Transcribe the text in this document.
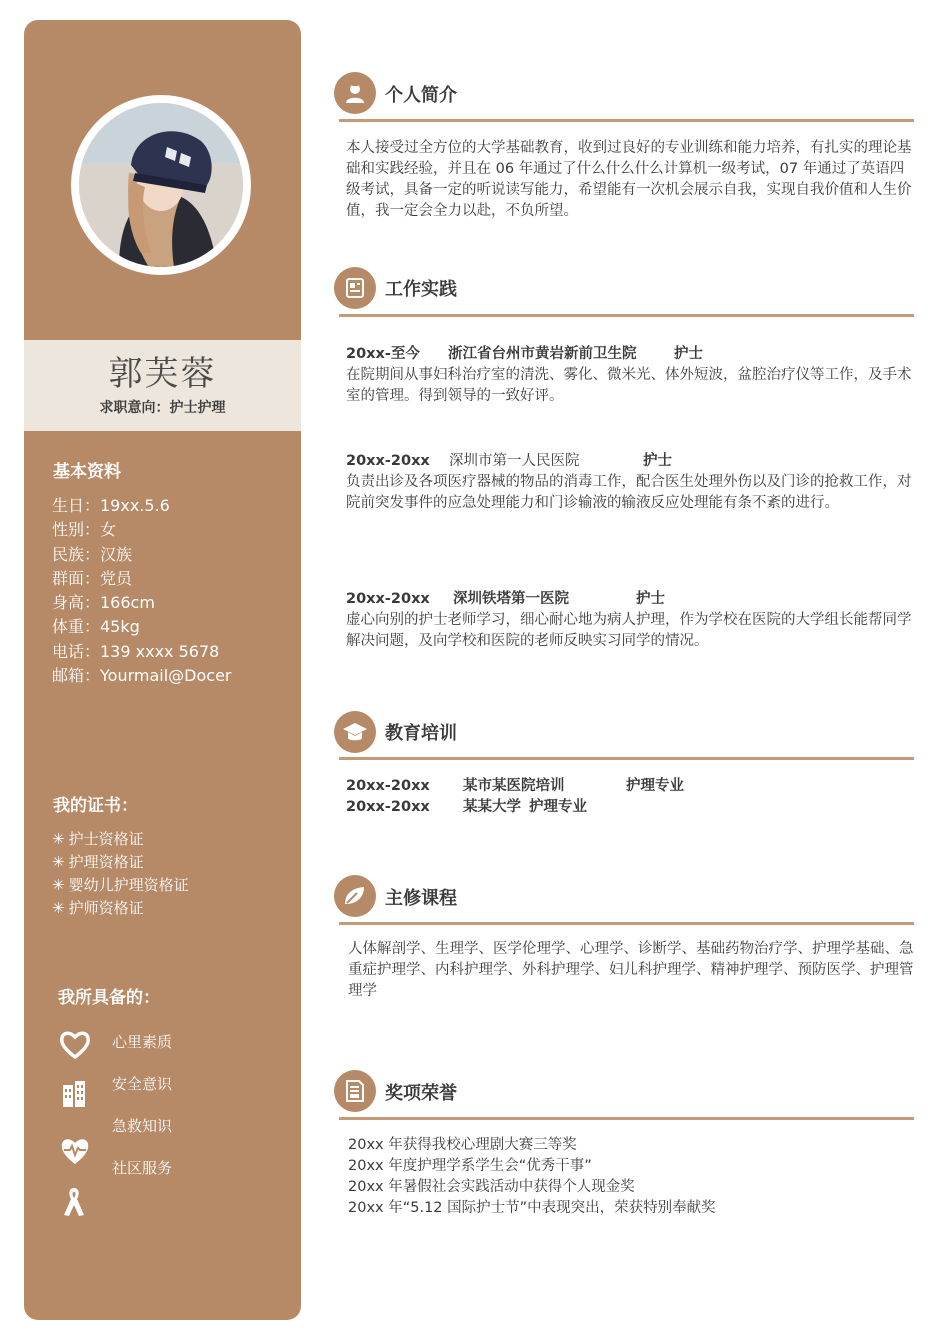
郭芙蓉
求职意向：护士护理
基本资料
生日：19xx.5.6
性别：女
民族：汉族
群面：党员
身高：166cm
体重：45kg
电话：139 xxxx 5678
邮箱：Yourmail@Docer
我的证书：
✳ 护士资格证
✳ 护理资格证
✳ 婴幼儿护理资格证
✳ 护师资格证
我所具备的：
心里素质
安全意识
急救知识
社区服务
个人简介
本人接受过全方位的大学基础教育，收到过良好的专业训练和能力培养，有扎实的理论基础和实践经验，并且在 06 年通过了什么什么什么计算机一级考试，07 年通过了英语四级考试，具备一定的听说读写能力，希望能有一次机会展示自我，实现自我价值和人生价值，我一定会全力以赴，不负所望。
工作实践
20xx-至今 浙江省台州市黄岩新前卫生院	护士
在院期间从事妇科治疗室的清洗、雾化、微米光、体外短波，盆腔治疗仪等工作，及手术室的管理。得到领导的一致好评。
20xx-20xx 深圳市第一人民医院	护士
负责出诊及各项医疗器械的物品的消毒工作，配合医生处理外伤以及门诊的抢救工作，对院前突发事件的应急处理能力和门诊输液的输液反应处理能有条不紊的进行。
20xx-20xx 深圳铁塔第一医院	护士
虚心向别的护士老师学习，细心耐心地为病人护理，作为学校在医院的大学组长能帮同学解决问题，及向学校和医院的老师反映实习同学的情况。
教育培训
20xx-20xx 某市某医院培训	护理专业
20xx-20xx 某某大学 护理专业
主修课程
人体解剖学、生理学、医学伦理学、心理学、诊断学、基础药物治疗学、护理学基础、急重症护理学、内科护理学、外科护理学、妇儿科护理学、精神护理学、预防医学、护理管理学
奖项荣誉
20xx 年获得我校心理剧大赛三等奖
20xx 年度护理学系学生会“优秀干事”
20xx 年暑假社会实践活动中获得个人现金奖
20xx 年“5.12 国际护士节”中表现突出，荣获特别奉献奖
